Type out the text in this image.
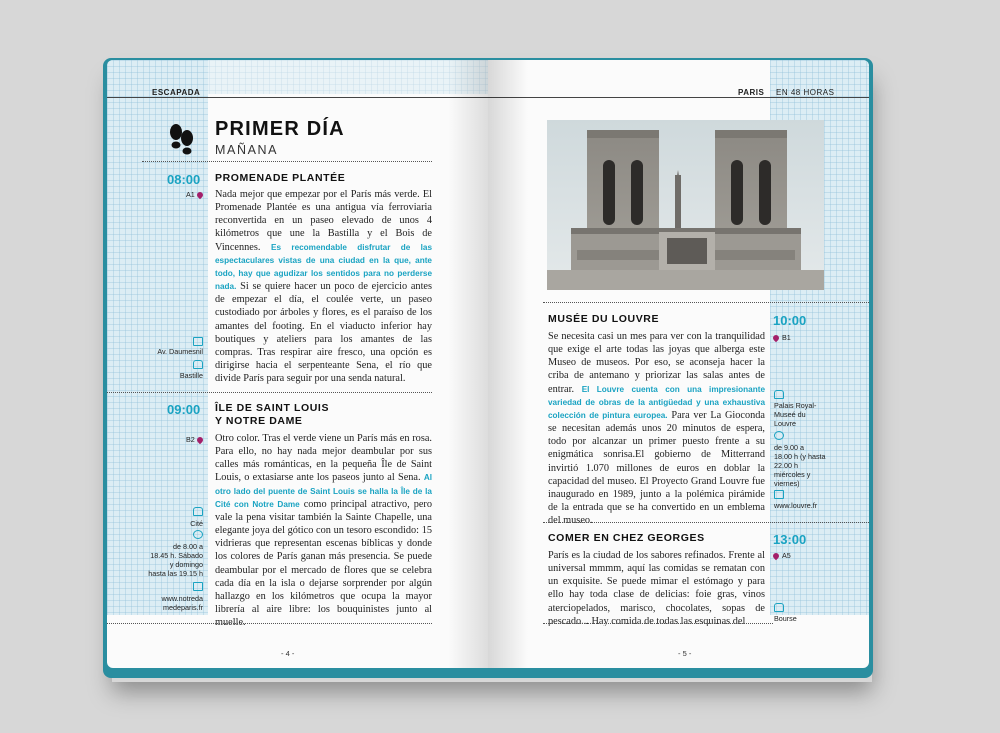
ESCAPADA
PRIMER DÍA
MAÑANA
08:00
A1
PROMENADE PLANTÉE

Nada mejor que empezar por el París más verde. El Promenade Plantée es una antigua vía ferroviaria reconvertida en un paseo elevado de unos 4 kilómetros que une la Bastilla y el Bois de Vincennes. Es recomendable disfrutar de las espectaculares vistas de una ciudad en la que, ante todo, hay que agudizar los sentidos para no perderse nada. Si se quiere hacer un poco de ejercicio antes de empezar el día, el coulée verte, un paseo custodiado por árboles y flores, es el paraíso de los amantes del footing. En el viaducto inferior hay boutiques y ateliers para los amantes de las compras. Tras respirar aire fresco, una opción es dirigirse hacia el serpenteante Sena, el río que divide París para seguir por una senda natural.

Av. Daumesnil
Bastille
09:00
B2
ÎLE DE SAINT LOUIS
Y NOTRE DAME

Otro color. Tras el verde viene un París más en rosa. Para ello, no hay nada mejor deambular por sus calles más románticas, en la pequeña Île de Saint Louis, o extasiarse ante los paseos junto al Sena. Al otro lado del puente de Saint Louis se halla la Île de la Cité con Notre Dame como principal atractivo, pero vale la pena visitar también la Sainte Chapelle, una elegante joya del gótico con un tesoro escondido: 15 vidrieras que representan escenas bíblicas y donde los colores de París ganan más presencia. Se puede deambular por el mercado de flores que se celebra cada día en la isla o dejarse sorprender por algún hallazgo en los kilómetros que ocupa la mayor librería al aire libre: los bouquinistes junto al muelle.

Cité
de 8.00 a
18.45 h. Sábado
y domingo
hasta las 19.15 h
www.notreda
medeparis.fr
- 4 -
PARIS EN 48 HORAS
MUSÉE DU LOUVRE	10:00
B1

Se necesita casi un mes para ver con la tranquilidad que exige el arte todas las joyas que alberga este Museo de museos. Por eso, se aconseja hacer la criba de antemano y priorizar las salas antes de entrar. El Louvre cuenta con una impresionante variedad de obras de la antigüedad y una exhaustiva colección de pintura europea. Para ver La Gioconda se necesitan además unos 20 minutos de espera, todo por alcanzar un primer puesto frente a su enigmática sonrisa.El gobierno de Mitterrand invirtió 1.070 millones de euros en doblar la capacidad del museo. El Proyecto Grand Louvre fue inaugurado en 1989, junto a la polémica pirámide de la entrada que se ha convertido en un emblema del museo.

Palais Royal-
Museé du
Louvre
de 9.00 a
18.00 h (y hasta
22.00 h
miércoles y
viernes)
www.louvre.fr
COMER EN CHEZ GEORGES	13:00
A5

París es la ciudad de los sabores refinados. Frente al universal mmmm, aquí las comidas se rematan con un exquisite. Se puede mimar el estómago y para ello hay toda clase de delicias: foie gras, vinos aterciopelados, marisco, chocolates, sopas de pescado... Hay comida de todas las esquinas del	Bourse
- 5 -
